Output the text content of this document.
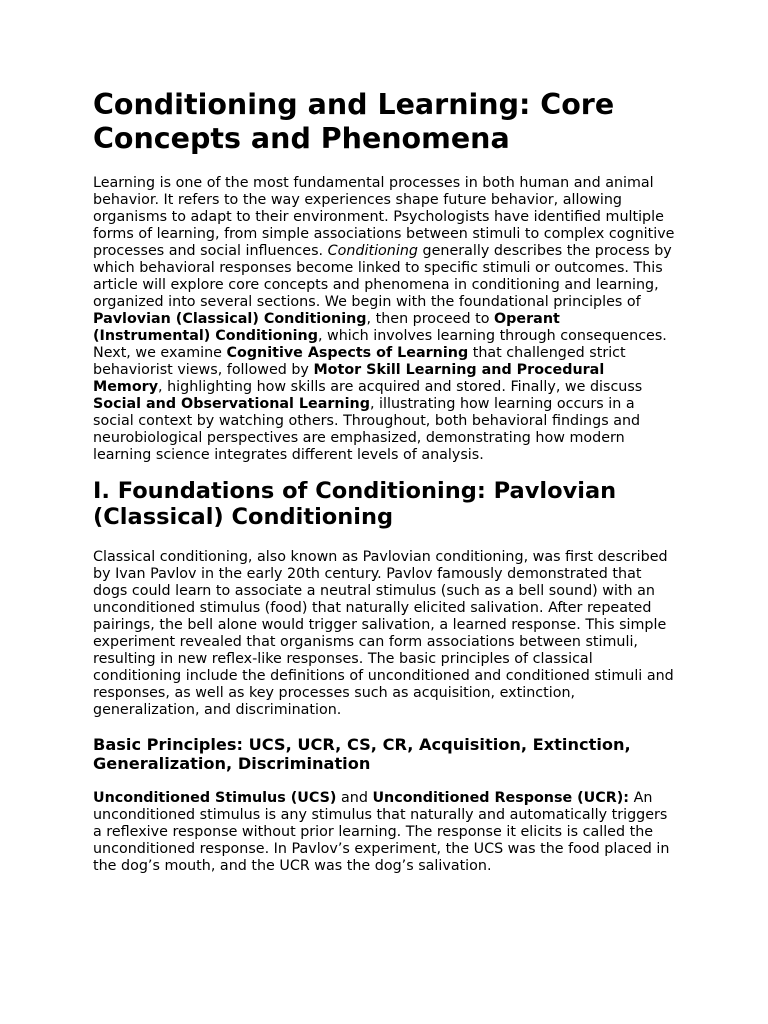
Conditioning and Learning: Core Concepts and Phenomena

Learning is one of the most fundamental processes in both human and animal behavior. It refers to the way experiences shape future behavior, allowing organisms to adapt to their environment. Psychologists have identified multiple forms of learning, from simple associations between stimuli to complex cognitive processes and social influences. Conditioning generally describes the process by which behavioral responses become linked to specific stimuli or outcomes. This article will explore core concepts and phenomena in conditioning and learning, organized into several sections. We begin with the foundational principles of Pavlovian (Classical) Conditioning, then proceed to Operant (Instrumental) Conditioning, which involves learning through consequences. Next, we examine Cognitive Aspects of Learning that challenged strict behaviorist views, followed by Motor Skill Learning and Procedural Memory, highlighting how skills are acquired and stored. Finally, we discuss Social and Observational Learning, illustrating how learning occurs in a social context by watching others. Throughout, both behavioral findings and neurobiological perspectives are emphasized, demonstrating how modern learning science integrates different levels of analysis.

I. Foundations of Conditioning: Pavlovian (Classical) Conditioning

Classical conditioning, also known as Pavlovian conditioning, was first described by Ivan Pavlov in the early 20th century. Pavlov famously demonstrated that dogs could learn to associate a neutral stimulus (such as a bell sound) with an unconditioned stimulus (food) that naturally elicited salivation. After repeated pairings, the bell alone would trigger salivation, a learned response. This simple experiment revealed that organisms can form associations between stimuli, resulting in new reflex-like responses. The basic principles of classical conditioning include the definitions of unconditioned and conditioned stimuli and responses, as well as key processes such as acquisition, extinction, generalization, and discrimination.

Basic Principles: UCS, UCR, CS, CR, Acquisition, Extinction, Generalization, Discrimination

Unconditioned Stimulus (UCS) and Unconditioned Response (UCR): An unconditioned stimulus is any stimulus that naturally and automatically triggers a reflexive response without prior learning. The response it elicits is called the unconditioned response. In Pavlov’s experiment, the UCS was the food placed in the dog’s mouth, and the UCR was the dog’s salivation.
